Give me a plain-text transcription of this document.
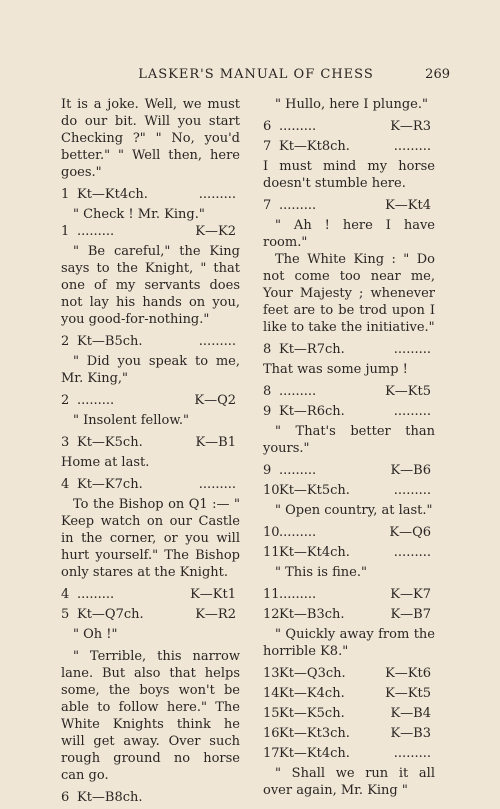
LASKER'S MANUAL OF CHESS	269

It is a joke. Well, we must do our bit. Will you start Checking ?" " No, you'd better." " Well then, here goes."

1 Kt—Kt4ch.	.........

" Check ! Mr. King."

1 .........	K—K2

" Be careful," the King says to the Knight, " that one of my servants does not lay his hands on you, you good-for-nothing."

2 Kt—B5ch.	.........

" Did you speak to me, Mr. King,"

2 .........	K—Q2

" Insolent fellow."

3 Kt—K5ch.	K—B1

Home at last.

4 Kt—K7ch.	.........

To the Bishop on Q1 :— " Keep watch on our Castle in the corner, or you will hurt yourself." The Bishop only stares at the Knight.

4 .........	K—Kt1
5 Kt—Q7ch.	K—R2

" Oh !"

" Terrible, this narrow lane. But also that helps some, the boys won't be able to follow here." The White Knights think he will get away. Over such rough ground no horse can go.

6 Kt—B8ch.

" Hullo, here I plunge."

6 .........	K—R3
7 Kt—Kt8ch.	.........

I must mind my horse doesn't stumble here.

7 .........	K—Kt4

" Ah ! here I have room."

The White King : " Do not come too near me, Your Majesty ; whenever feet are to be trod upon I like to take the initiative."

8 Kt—R7ch.	.........

That was some jump !

8 .........	K—Kt5
9 Kt—R6ch.	.........

" That's better than yours."

9 .........	K—B6
10 Kt—Kt5ch.	.........

" Open country, at last."

10 .........	K—Q6
11 Kt—Kt4ch.	.........

" This is fine."

11 .........	K—K7
12 Kt—B3ch.	K—B7

" Quickly away from the horrible K8."

13 Kt—Q3ch.	K—Kt6
14 Kt—K4ch.	K—Kt5
15 Kt—K5ch.	K—B4
16 Kt—Kt3ch.	K—B3
17 Kt—Kt4ch.	.........

" Shall we run it all over again, Mr. King "
